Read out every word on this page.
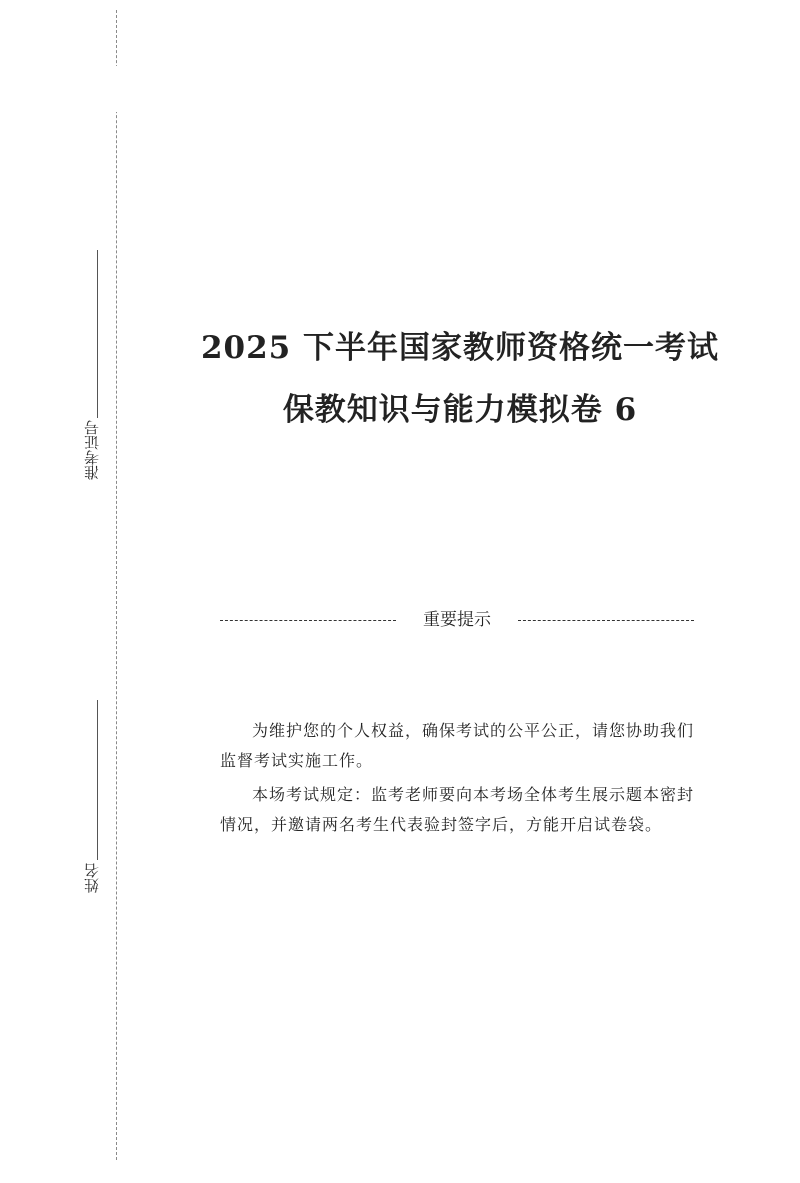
准考证号
姓名
2025 下半年国家教师资格统一考试
保教知识与能力模拟卷 6
重要提示

为维护您的个人权益，确保考试的公平公正，请您协助我们监督考试实施工作。

本场考试规定：监考老师要向本考场全体考生展示题本密封情况，并邀请两名考生代表验封签字后，方能开启试卷袋。
